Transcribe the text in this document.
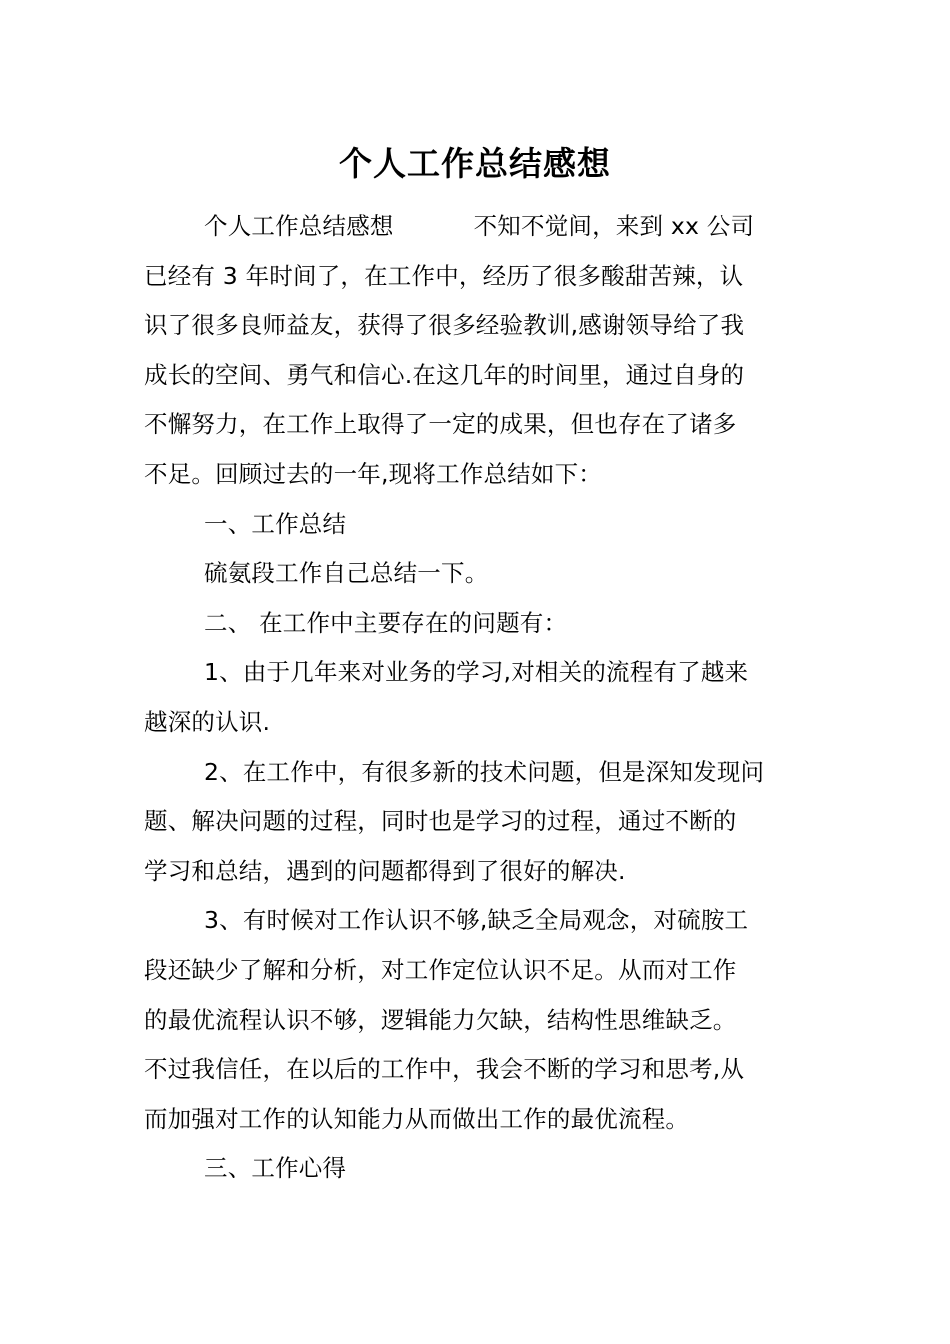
个人工作总结感想
个人工作总结感想	不知不觉间，来到 xx 公司
已经有 3 年时间了，在工作中，经历了很多酸甜苦辣，认
识了很多良师益友，获得了很多经验教训,感谢领导给了我
成长的空间、勇气和信心.在这几年的时间里，通过自身的
不懈努力，在工作上取得了一定的成果，但也存在了诸多
不足。回顾过去的一年,现将工作总结如下：
一、工作总结
硫氨段工作自己总结一下。
二、 在工作中主要存在的问题有：
1、由于几年来对业务的学习,对相关的流程有了越来
越深的认识.
2、在工作中，有很多新的技术问题，但是深知发现问
题、解决问题的过程，同时也是学习的过程，通过不断的
学习和总结，遇到的问题都得到了很好的解决.
3、有时候对工作认识不够,缺乏全局观念，对硫胺工
段还缺少了解和分析，对工作定位认识不足。从而对工作
的最优流程认识不够，逻辑能力欠缺，结构性思维缺乏。
不过我信任，在以后的工作中，我会不断的学习和思考,从
而加强对工作的认知能力从而做出工作的最优流程。
三、工作心得
